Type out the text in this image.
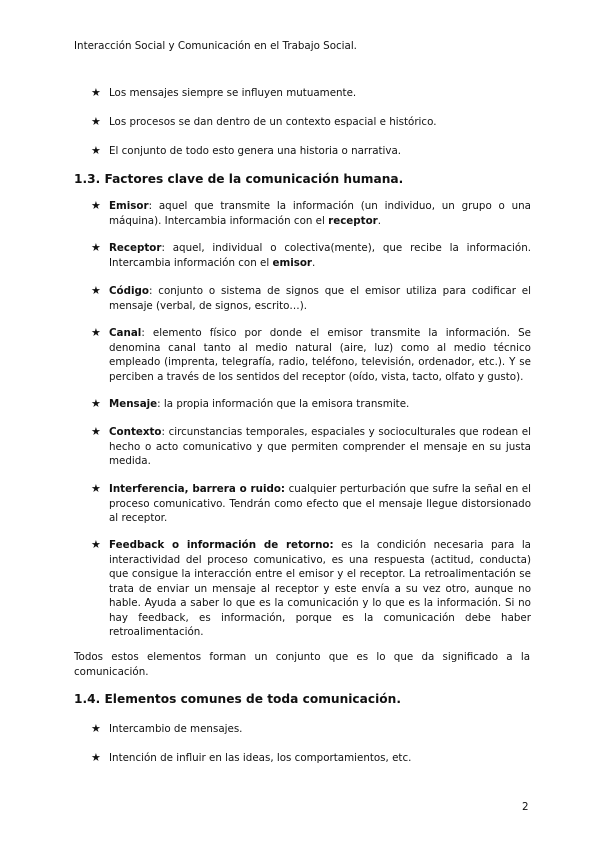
Interacción Social y Comunicación en el Trabajo Social.
★ Los mensajes siempre se influyen mutuamente.
★ Los procesos se dan dentro de un contexto espacial e histórico.
★ El conjunto de todo esto genera una historia o narrativa.
1.3. Factores clave de la comunicación humana.
★ Emisor: aquel que transmite la información (un individuo, un grupo o una máquina). Intercambia información con el receptor.
★ Receptor: aquel, individual o colectiva(mente), que recibe la información. Intercambia información con el emisor.
★ Código: conjunto o sistema de signos que el emisor utiliza para codificar el mensaje (verbal, de signos, escrito…).
★ Canal: elemento físico por donde el emisor transmite la información. Se denomina canal tanto al medio natural (aire, luz) como al medio técnico empleado (imprenta, telegrafía, radio, teléfono, televisión, ordenador, etc.). Y se perciben a través de los sentidos del receptor (oído, vista, tacto, olfato y gusto).
★ Mensaje: la propia información que la emisora transmite.
★ Contexto: circunstancias temporales, espaciales y socioculturales que rodean el hecho o acto comunicativo y que permiten comprender el mensaje en su justa medida.
★ Interferencia, barrera o ruido: cualquier perturbación que sufre la señal en el proceso comunicativo. Tendrán como efecto que el mensaje llegue distorsionado al receptor.
★ Feedback o información de retorno: es la condición necesaria para la interactividad del proceso comunicativo, es una respuesta (actitud, conducta) que consigue la interacción entre el emisor y el receptor. La retroalimentación se trata de enviar un mensaje al receptor y este envía a su vez otro, aunque no hable. Ayuda a saber lo que es la comunicación y lo que es la información. Si no hay feedback, es información, porque es la comunicación debe haber retroalimentación.
Todos estos elementos forman un conjunto que es lo que da significado a la comunicación.
1.4. Elementos comunes de toda comunicación.
★ Intercambio de mensajes.
★ Intención de influir en las ideas, los comportamientos, etc.
2
